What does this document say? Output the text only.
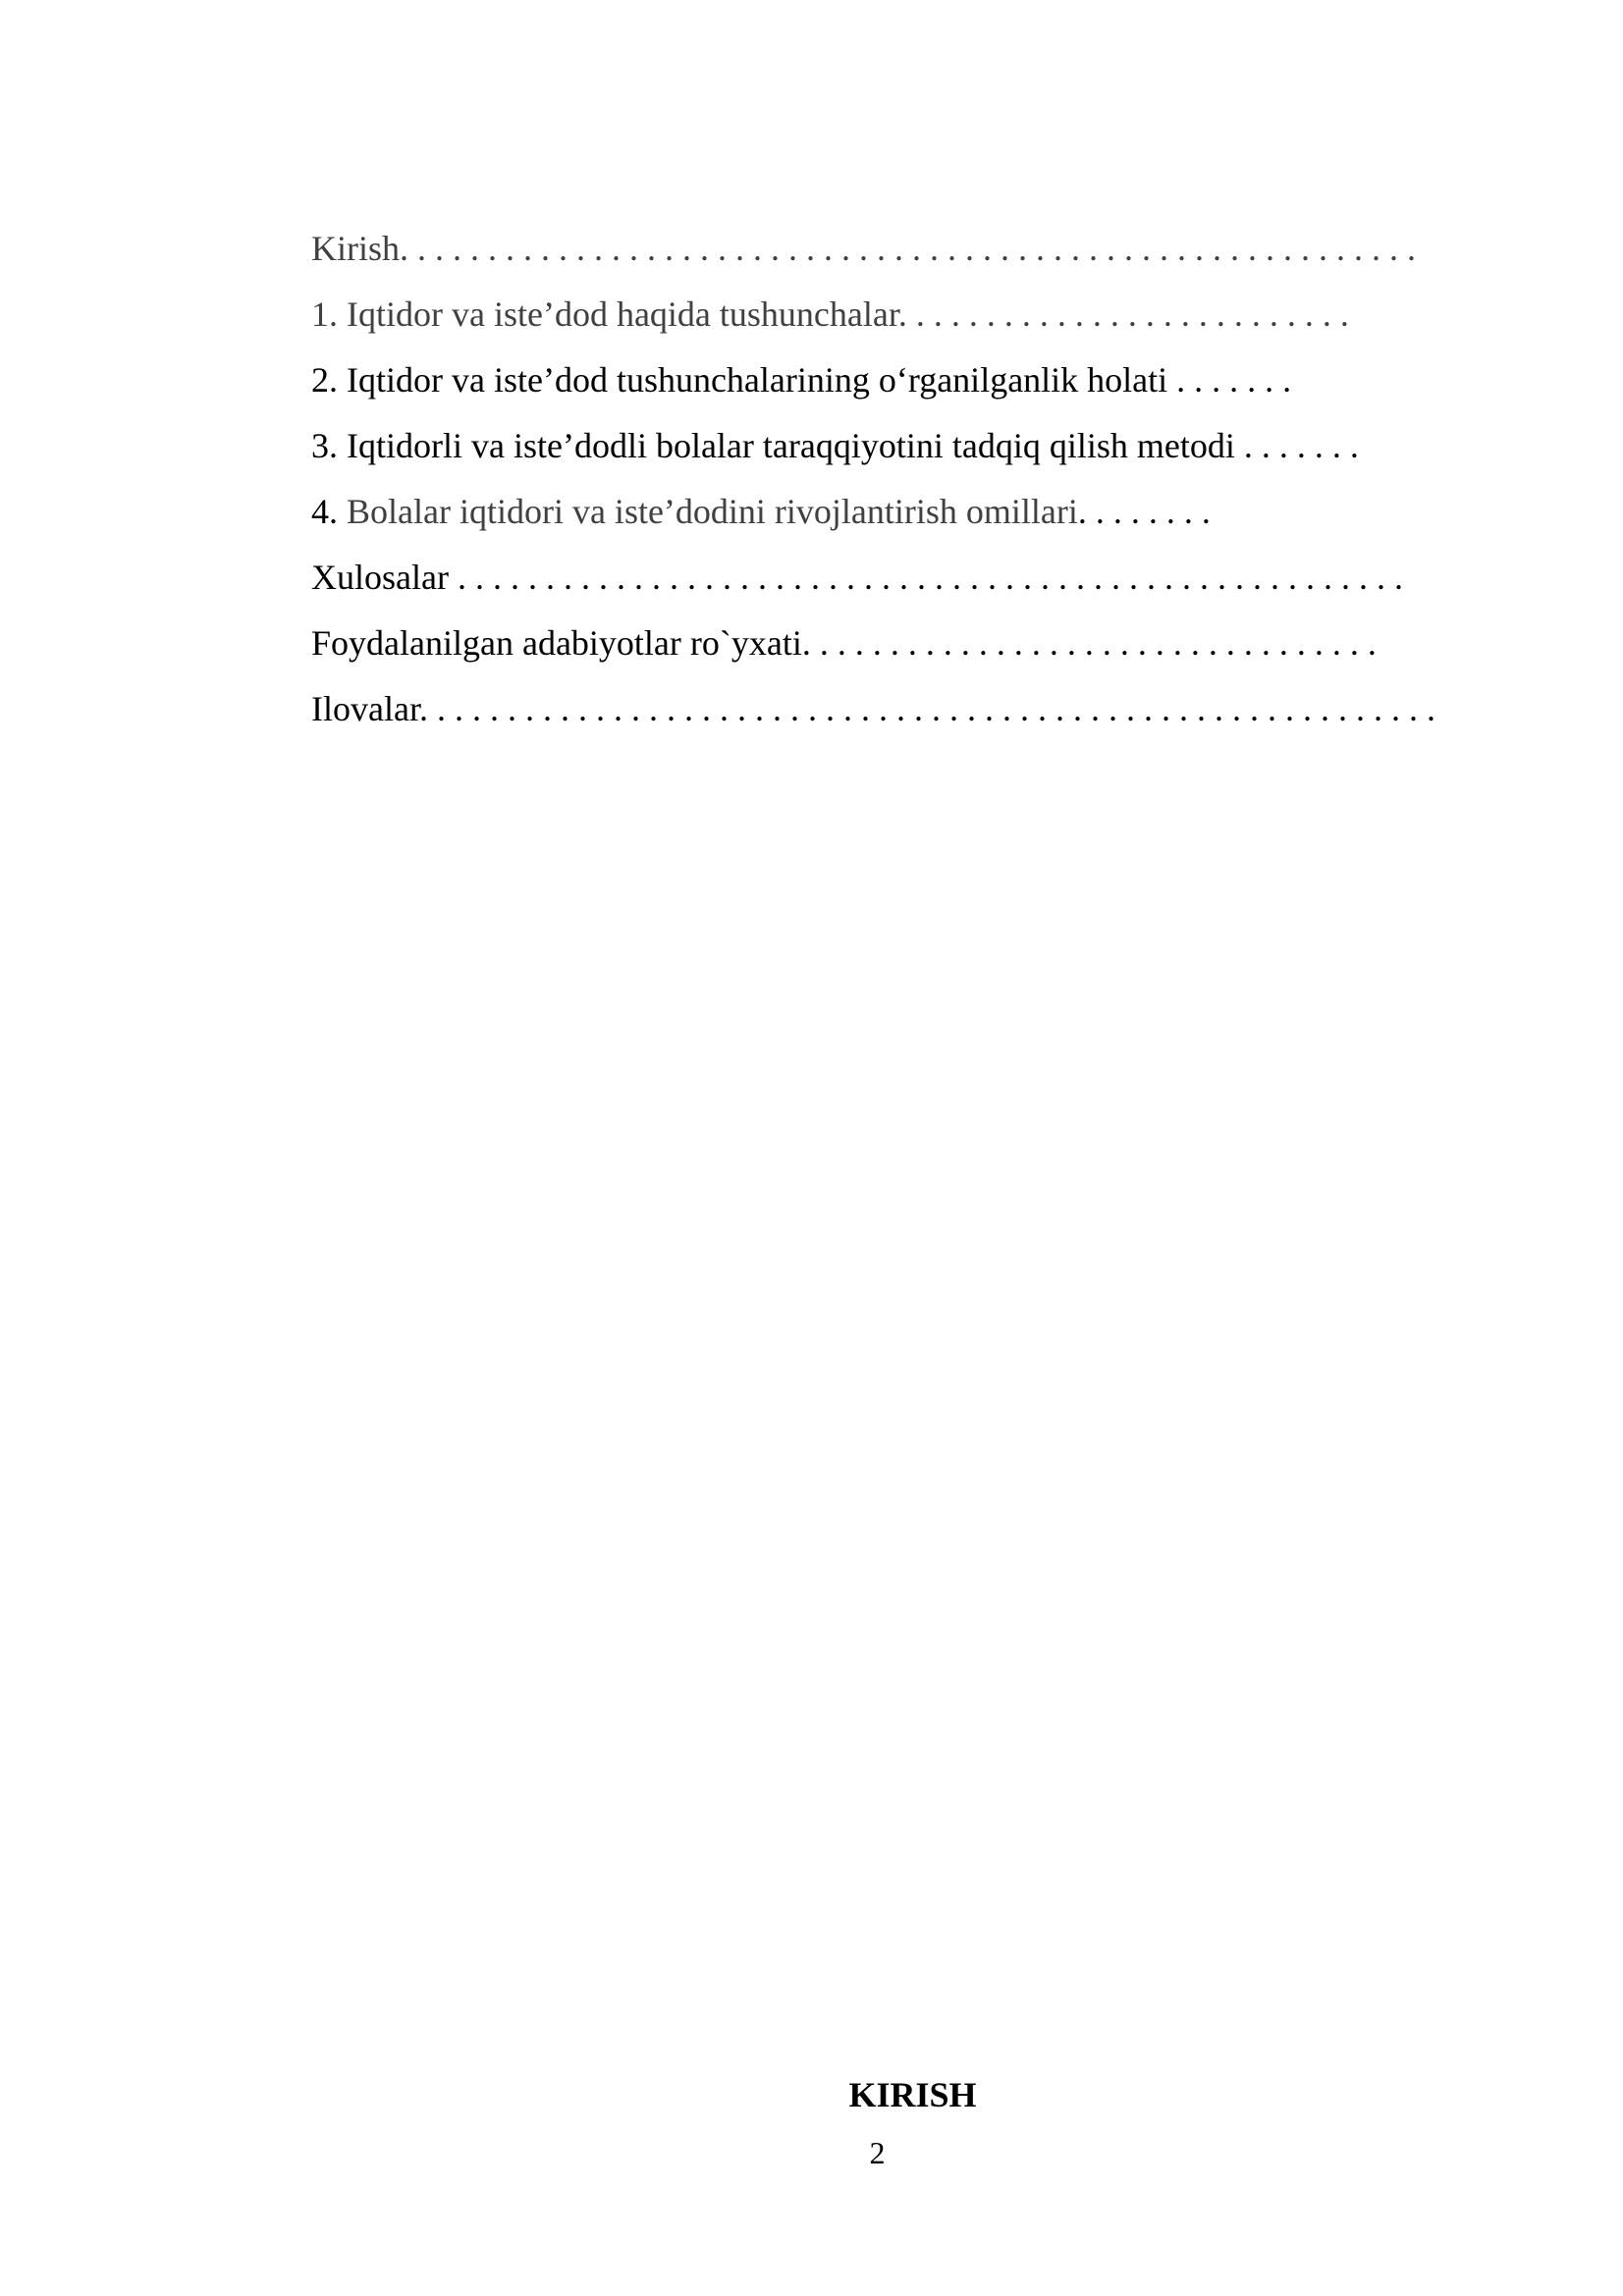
Kirish. . . . . . . . . . . . . . . . . . . . . . . . . . . . . . . . . . . . . . . . . . . . . . . . . . . . . . . . . .
1. Iqtidor va iste’dod haqida tushunchalar. . . . . . . . . . . . . . . . . . . . . . . . . .
2. Iqtidor va iste’dod tushunchalarining o‘rganilganlik holati . . . . . . .
3. Iqtidorli va iste’dodli bolalar taraqqiyotini tadqiq qilish metodi . . . . . . .
4. Bolalar iqtidori va iste’dodini rivojlantirish omillari. . . . . . . .
Xulosalar . . . . . . . . . . . . . . . . . . . . . . . . . . . . . . . . . . . . . . . . . . . . . . . . . . . . . .
Foydalanilgan adabiyotlar ro`yxati. . . . . . . . . . . . . . . . . . . . . . . . . . . . . . . . .
Ilovalar. . . . . . . . . . . . . . . . . . . . . . . . . . . . . . . . . . . . . . . . . . . . . . . . . . . . . . . . . .
KIRISH
2
